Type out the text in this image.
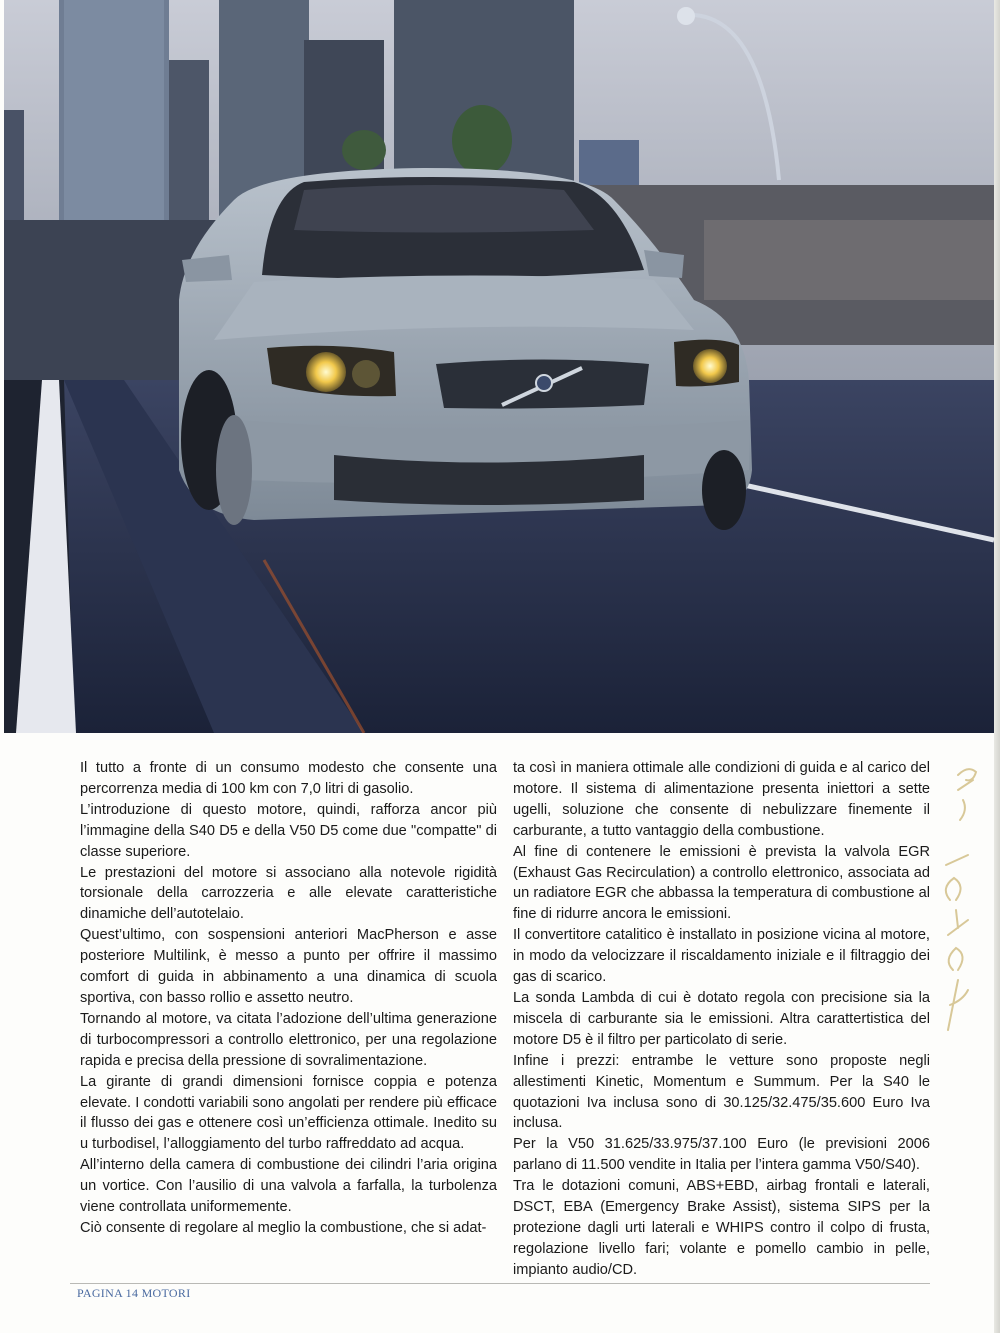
Il tutto a fronte di un consumo modesto che consente una percorrenza media di 100 km con 7,0 litri di gasolio.

L’introduzione di questo motore, quindi, rafforza ancor più l’immagine della S40 D5 e della V50 D5 come due "compatte" di classe superiore.

Le prestazioni del motore si associano alla notevole rigidità torsionale della carrozzeria e alle elevate caratteristiche dinamiche dell’autotelaio.

Quest’ultimo, con sospensioni anteriori MacPherson e asse posteriore Multilink, è messo a punto per offrire il massimo comfort di guida in abbinamento a una dinamica di scuola sportiva, con basso rollio e assetto neutro.

Tornando al motore, va citata l’adozione dell’ultima generazione di turbocompressori a controllo elettronico, per una regolazione rapida e precisa della pressione di sovralimentazione.

La girante di grandi dimensioni fornisce coppia e potenza elevate. I condotti variabili sono angolati per rendere più efficace il flusso dei gas e ottenere così un’efficienza ottimale. Inedito su u turbodisel, l’alloggiamento del turbo raffreddato ad acqua.

All’interno della camera di combustione dei cilindri l’aria origina un vortice. Con l’ausilio di una valvola a farfalla, la turbolenza viene controllata uniformemente.

Ciò consente di regolare al meglio la combustione, che si adat-

ta così in maniera ottimale alle condizioni di guida e al carico del motore. Il sistema di alimentazione presenta iniettori a sette ugelli, soluzione che consente di nebulizzare finemente il carburante, a tutto vantaggio della combustione.

Al fine di contenere le emissioni è prevista la valvola EGR (Exhaust Gas Recirculation) a controllo elettronico, associata ad un radiatore EGR che abbassa la temperatura di combustione al fine di ridurre ancora le emissioni.

Il convertitore catalitico è installato in posizione vicina al motore, in modo da velocizzare il riscaldamento iniziale e il filtraggio dei gas di scarico.

La sonda Lambda di cui è dotato regola con precisione sia la miscela di carburante sia le emissioni. Altra carattertistica del motore D5 è il filtro per particolato di serie.

Infine i prezzi: entrambe le vetture sono proposte negli allestimenti Kinetic, Momentum e Summum. Per la S40 le quotazioni Iva inclusa sono di 30.125/32.475/35.600 Euro Iva inclusa.

Per la V50 31.625/33.975/37.100 Euro (le previsioni 2006 parlano di 11.500 vendite in Italia per l’intera gamma V50/S40).

Tra le dotazioni comuni, ABS+EBD, airbag frontali e laterali, DSCT, EBA (Emergency Brake Assist), sistema SIPS per la protezione dagli urti laterali e WHIPS contro il colpo di frusta, regolazione livello fari; volante e pomello cambio in pelle, impianto audio/CD.

PAGINA 14 MOTORI
